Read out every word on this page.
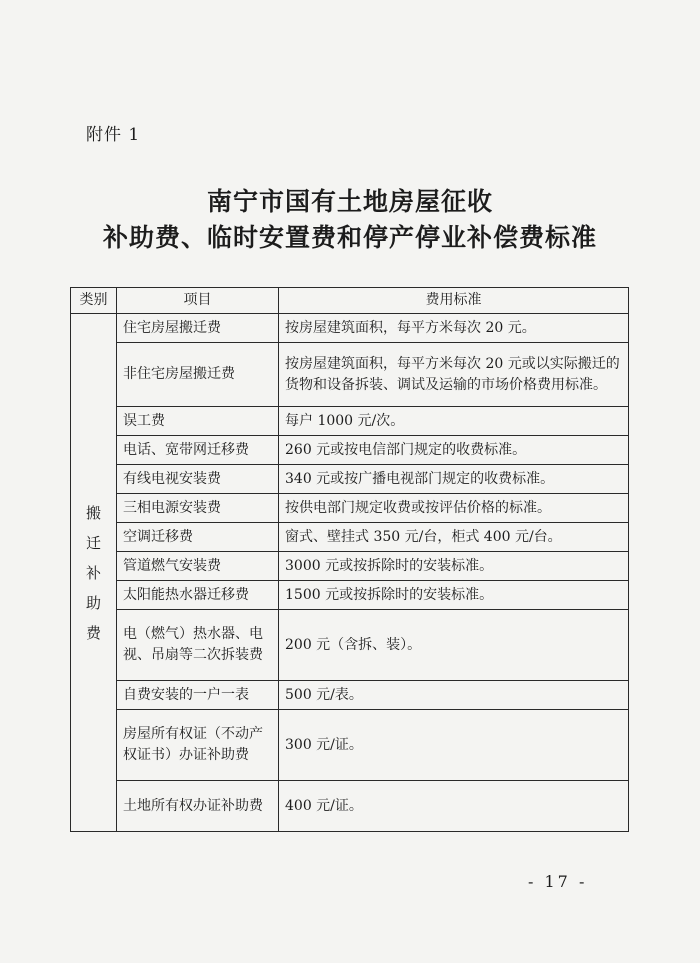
附件 1
南宁市国有土地房屋征收
补助费、临时安置费和停产停业补偿费标准
类别	项目	费用标准
搬迁补助费	住宅房屋搬迁费	按房屋建筑面积，每平方米每次 20 元。
	非住宅房屋搬迁费	按房屋建筑面积，每平方米每次 20 元或以实际搬迁的货物和设备拆装、调试及运输的市场价格费用标准。
	误工费	每户 1000 元/次。
	电话、宽带网迁移费	260 元或按电信部门规定的收费标准。
	有线电视安装费	340 元或按广播电视部门规定的收费标准。
	三相电源安装费	按供电部门规定收费或按评估价格的标准。
	空调迁移费	窗式、壁挂式 350 元/台，柜式 400 元/台。
	管道燃气安装费	3000 元或按拆除时的安装标准。
	太阳能热水器迁移费	1500 元或按拆除时的安装标准。
	电（燃气）热水器、电视、吊扇等二次拆装费	200 元（含拆、装）。
	自费安装的一户一表	500 元/表。
	房屋所有权证（不动产权证书）办证补助费	300 元/证。
	土地所有权办证补助费	400 元/证。
- 17 -
